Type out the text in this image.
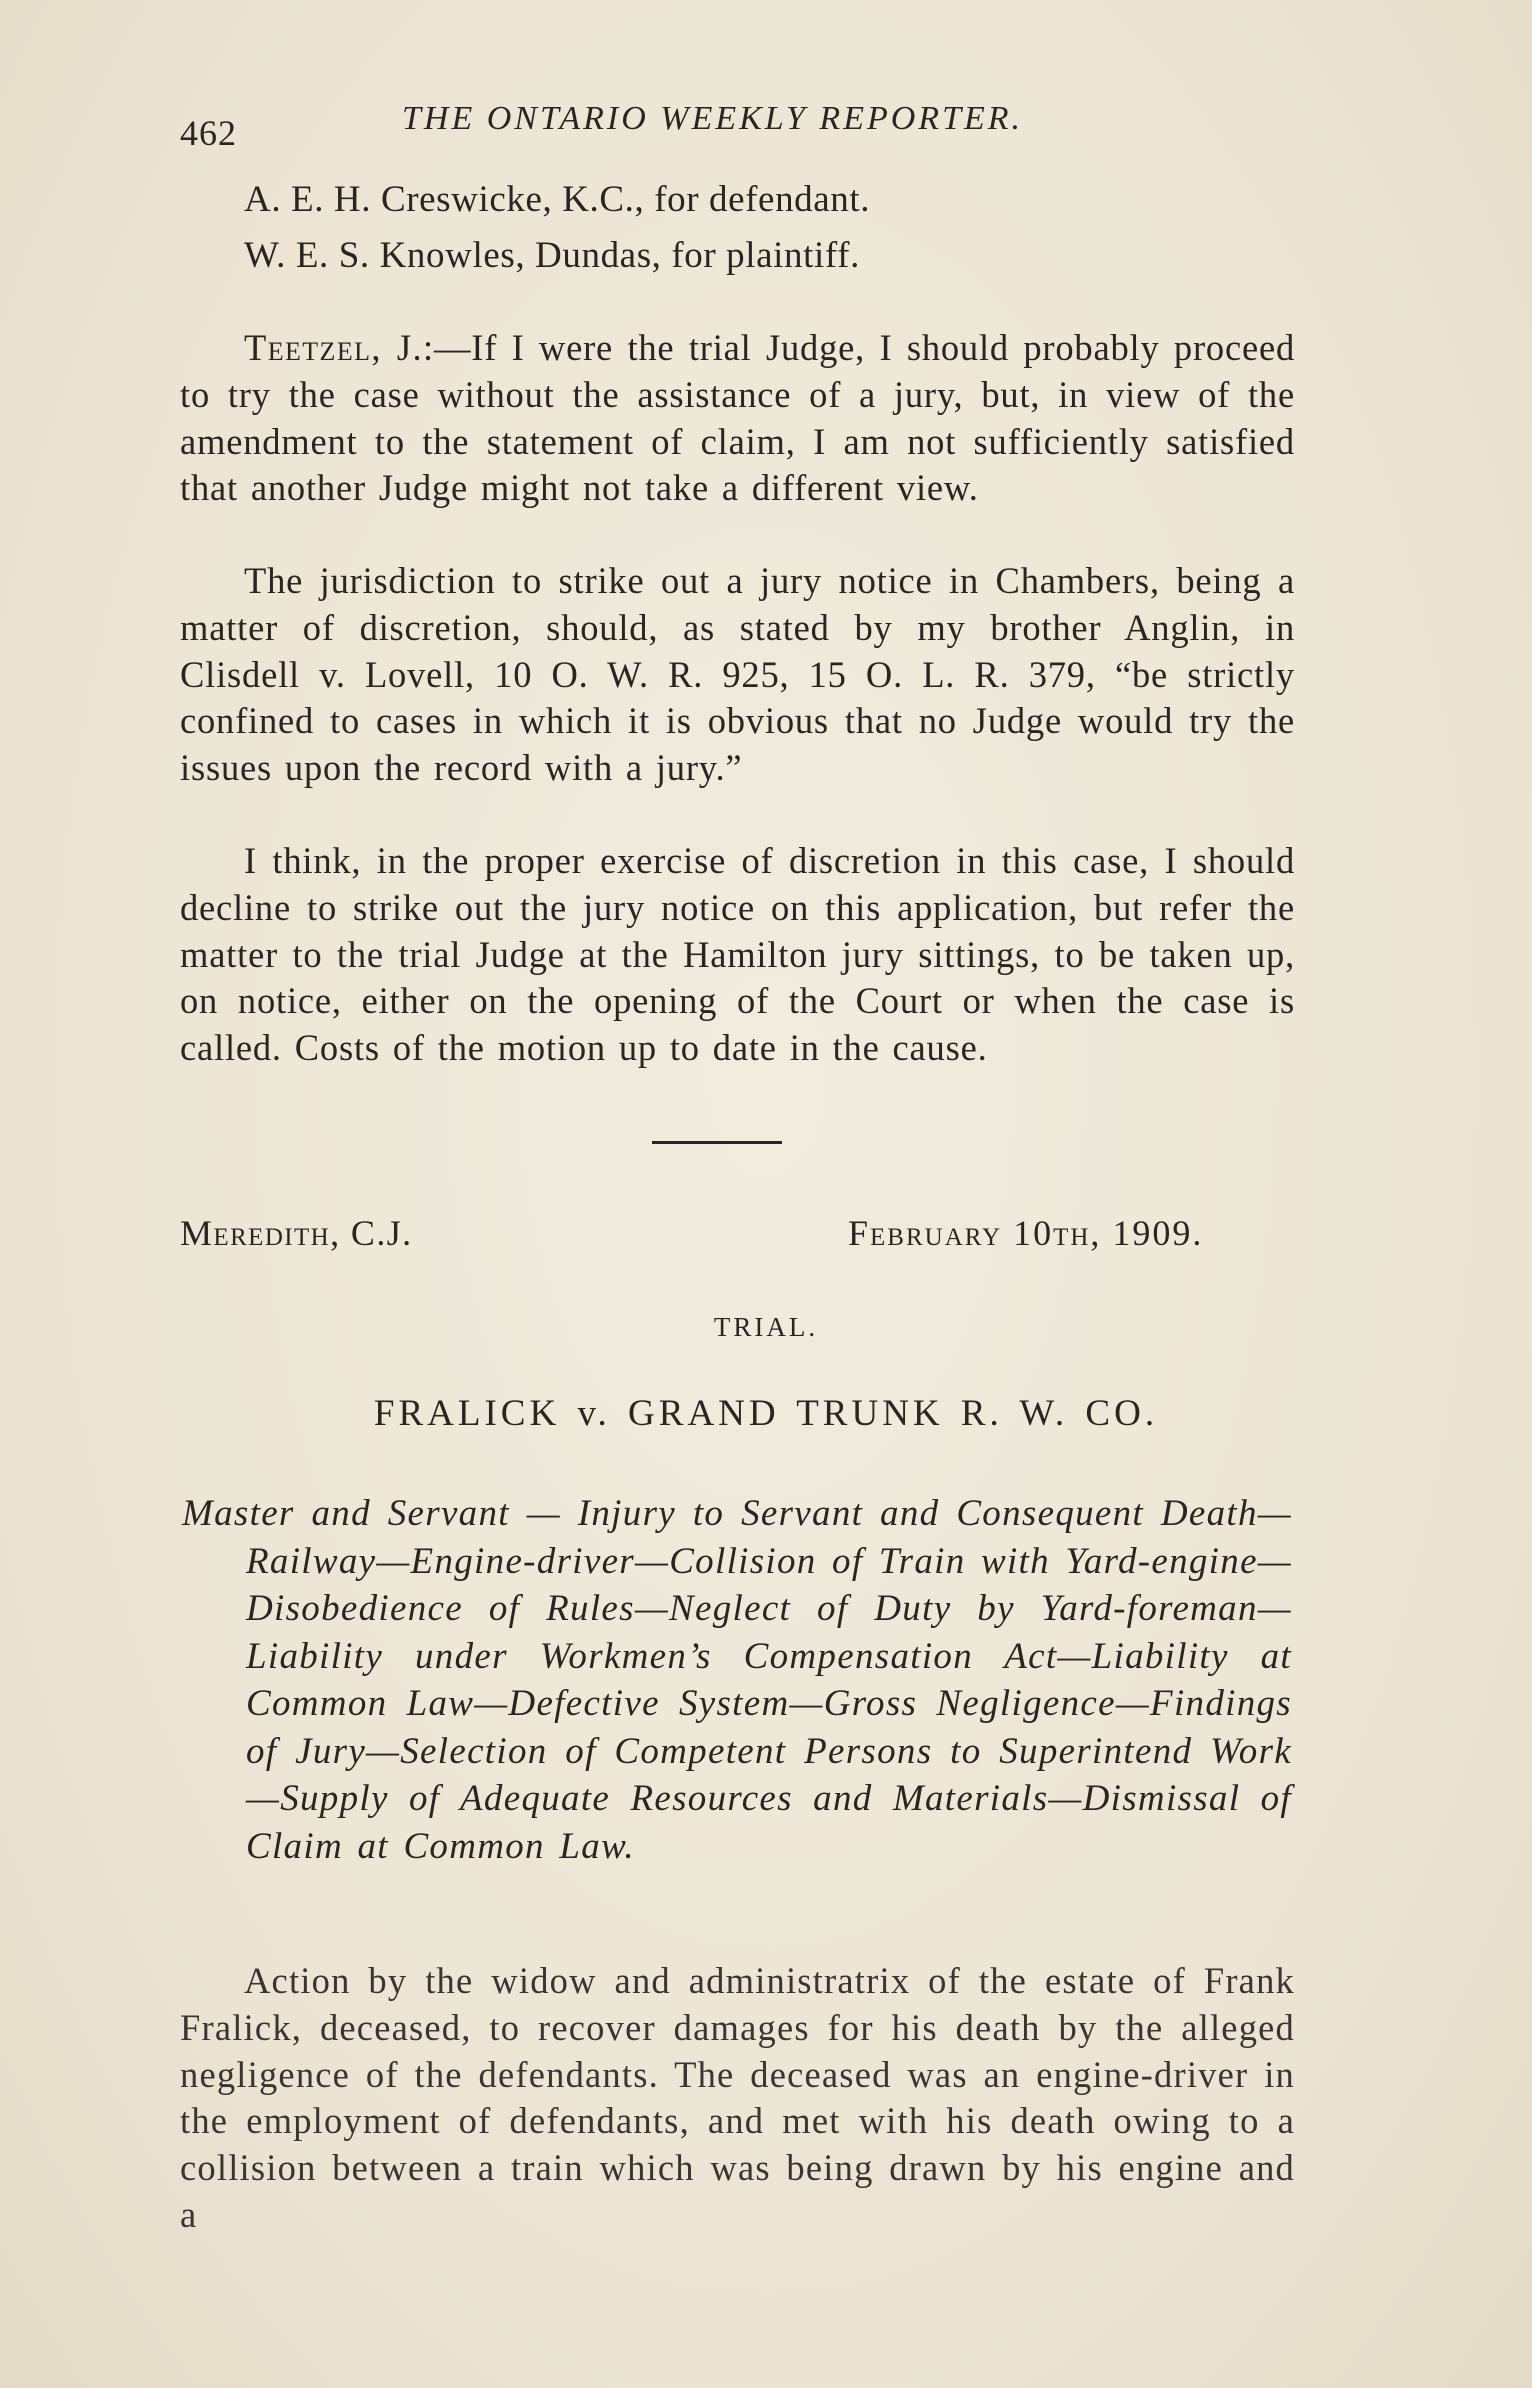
462	THE ONTARIO WEEKLY REPORTER.
A. E. H. Creswicke, K.C., for defendant.
W. E. S. Knowles, Dundas, for plaintiff.
Teetzel, J.:—If I were the trial Judge, I should probably proceed to try the case without the assistance of a jury, but, in view of the amendment to the statement of claim, I am not sufficiently satisfied that another Judge might not take a different view.
The jurisdiction to strike out a jury notice in Chambers, being a matter of discretion, should, as stated by my brother Anglin, in Clisdell v. Lovell, 10 O. W. R. 925, 15 O. L. R. 379, “be strictly confined to cases in which it is obvious that no Judge would try the issues upon the record with a jury.”
I think, in the proper exercise of discretion in this case, I should decline to strike out the jury notice on this application, but refer the matter to the trial Judge at the Hamilton jury sittings, to be taken up, on notice, either on the opening of the Court or when the case is called. Costs of the motion up to date in the cause.
Meredith, C.J.	February 10th, 1909.
TRIAL.
FRALICK v. GRAND TRUNK R. W. CO.
Master and Servant — Injury to Servant and Consequent Death—Railway—Engine-driver—Collision of Train with Yard-engine—Disobedience of Rules—Neglect of Duty by Yard-foreman—Liability under Workmen’s Compensation Act—Liability at Common Law—Defective System—Gross Negligence—Findings of Jury—Selection of Competent Persons to Superintend Work—Supply of Adequate Resources and Materials—Dismissal of Claim at Common Law.
Action by the widow and administratrix of the estate of Frank Fralick, deceased, to recover damages for his death by the alleged negligence of the defendants. The deceased was an engine-driver in the employment of defendants, and met with his death owing to a collision between a train which was being drawn by his engine and a
